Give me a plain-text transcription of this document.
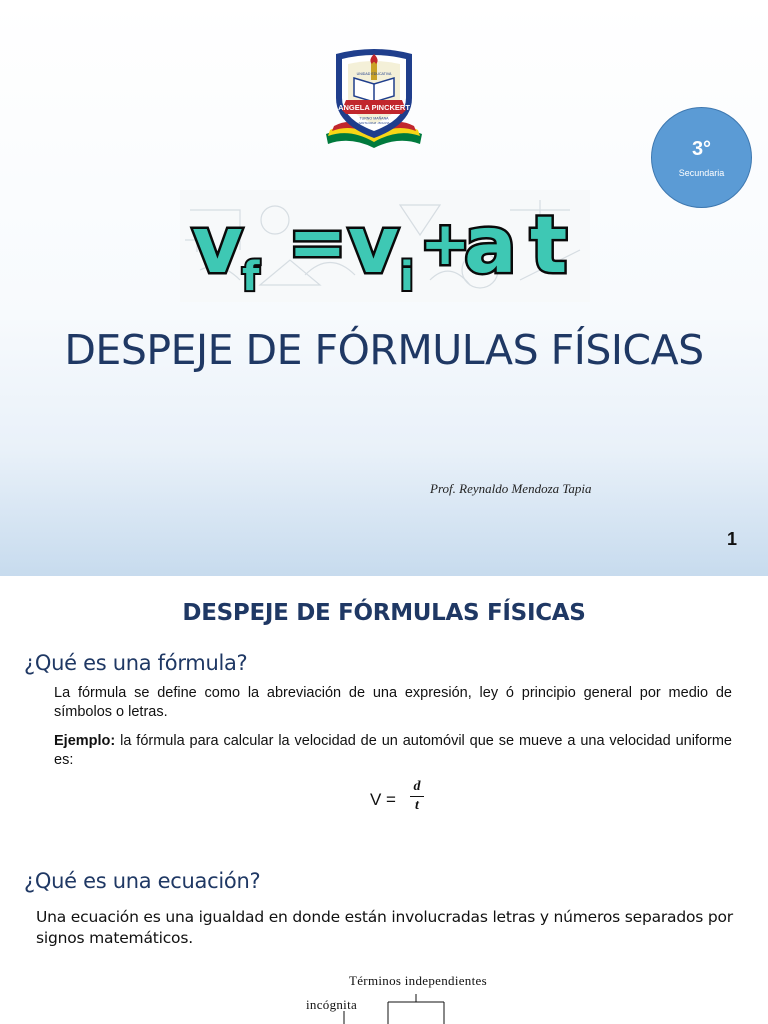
ANGELA PINCKERT
TURNO MAÑANA
SANTA CRUZ - BOLIVIA
UNIDAD EDUCATIVA
3°
Secundaria
v f = v i +
a t
DESPEJE DE FÓRMULAS FÍSICAS
Prof. Reynaldo Mendoza Tapia
1
DESPEJE DE FÓRMULAS FÍSICAS
¿Qué es una fórmula?
La fórmula se define como la abreviación de una expresión, ley ó principio general por medio de símbolos o letras.
Ejemplo: la fórmula para calcular la velocidad de un automóvil que se mueve a una velocidad uniforme es:
V =
d
t
¿Qué es una ecuación?
Una ecuación es una igualdad en donde están involucradas letras y números separados por signos matemáticos.
Términos independientes
incógnita
